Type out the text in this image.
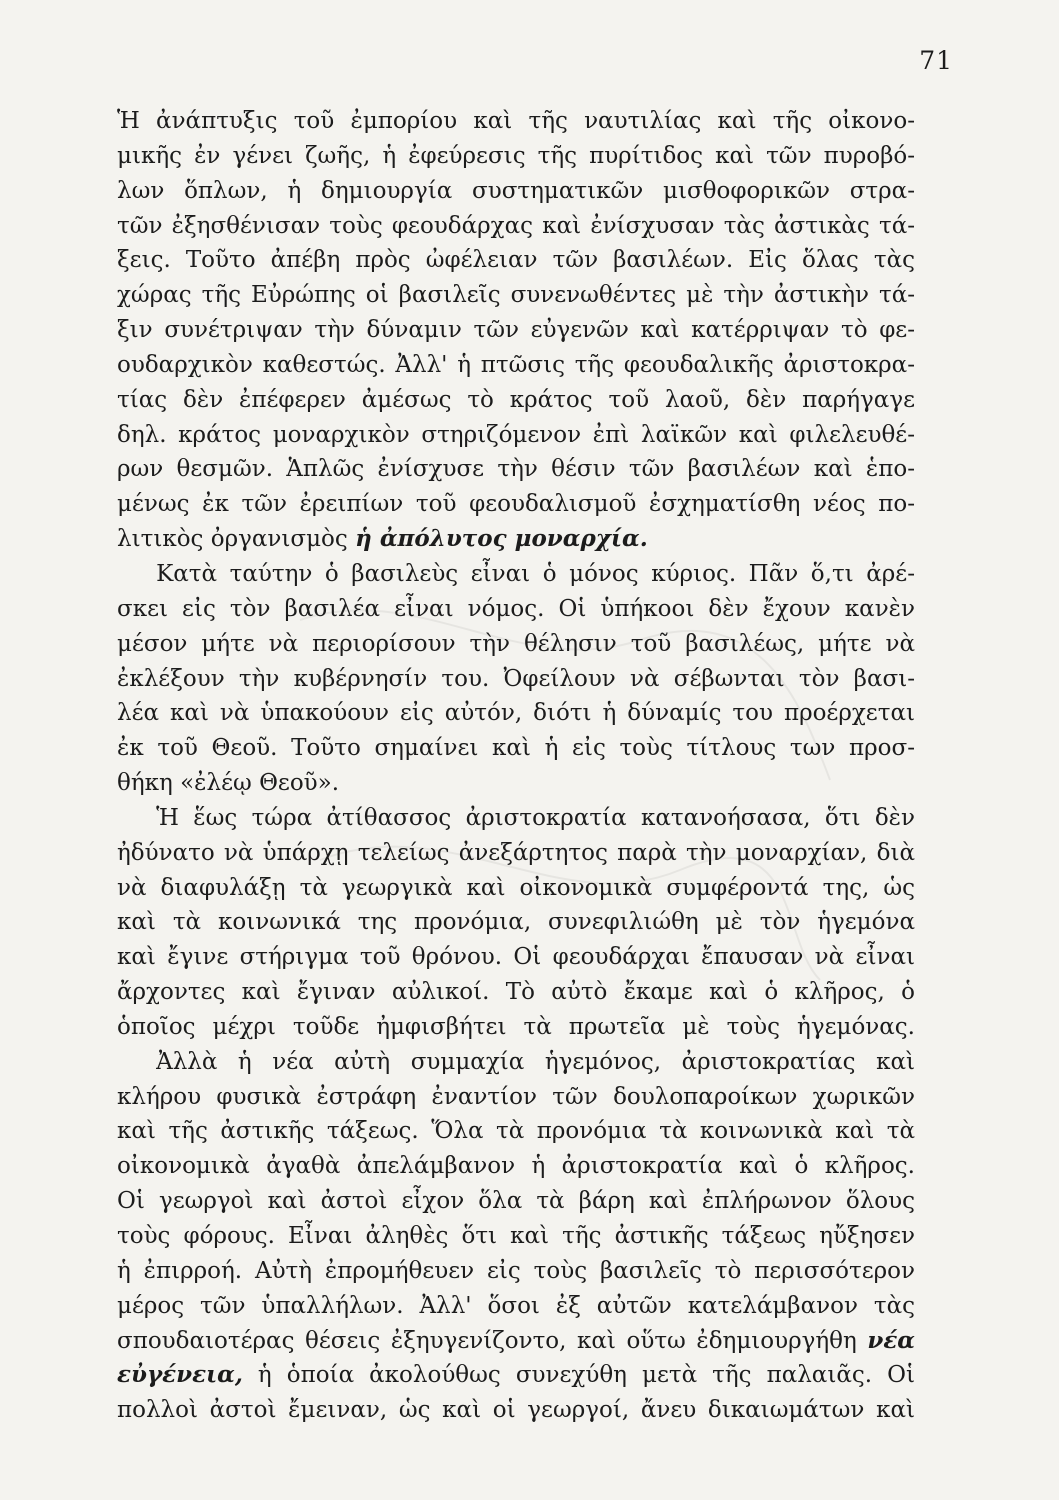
71
Ἡ ἀνάπτυξις τοῦ ἐμπορίου καὶ τῆς ναυτιλίας καὶ τῆς οἰκονο-
μικῆς ἐν γένει ζωῆς, ἡ ἐφεύρεσις τῆς πυρίτιδος καὶ τῶν πυροβό-
λων ὅπλων, ἡ δημιουργία συστηματικῶν μισθοφορικῶν στρα-
τῶν ἐξησθένισαν τοὺς φεουδάρχας καὶ ἐνίσχυσαν τὰς ἀστικὰς τά-
ξεις. Τοῦτο ἀπέβη πρὸς ὠφέλειαν τῶν βασιλέων. Εἰς ὅλας τὰς
χώρας τῆς Εὐρώπης οἱ βασιλεῖς συνενωθέντες μὲ τὴν ἀστικὴν τά-
ξιν συνέτριψαν τὴν δύναμιν τῶν εὐγενῶν καὶ κατέρριψαν τὸ φε-
ουδαρχικὸν καθεστώς. Ἀλλ' ἡ πτῶσις τῆς φεουδαλικῆς ἀριστοκρα-
τίας δὲν ἐπέφερεν ἀμέσως τὸ κράτος τοῦ λαοῦ, δὲν παρήγαγε
δηλ. κράτος μοναρχικὸν στηριζόμενον ἐπὶ λαϊκῶν καὶ φιλελευθέ-
ρων θεσμῶν. Ἁπλῶς ἐνίσχυσε τὴν θέσιν τῶν βασιλέων καὶ ἑπο-
μένως ἐκ τῶν ἐρειπίων τοῦ φεουδαλισμοῦ ἐσχηματίσθη νέος πο-
λιτικὸς ὀργανισμὸς ἡ ἀπόλυτος μοναρχία.
Κατὰ ταύτην ὁ βασιλεὺς εἶναι ὁ μόνος κύριος. Πᾶν ὅ,τι ἀρέ-
σκει εἰς τὸν βασιλέα εἶναι νόμος. Οἱ ὑπήκοοι δὲν ἔχουν κανὲν
μέσον μήτε νὰ περιορίσουν τὴν θέλησιν τοῦ βασιλέως, μήτε νὰ
ἐκλέξουν τὴν κυβέρνησίν του. Ὀφείλουν νὰ σέβωνται τὸν βασι-
λέα καὶ νὰ ὑπακούουν εἰς αὐτόν, διότι ἡ δύναμίς του προέρχεται
ἐκ τοῦ Θεοῦ. Τοῦτο σημαίνει καὶ ἡ εἰς τοὺς τίτλους των προσ-
θήκη «ἐλέῳ Θεοῦ».
Ἡ ἕως τώρα ἀτίθασσος ἀριστοκρατία κατανοήσασα, ὅτι δὲν
ἠδύνατο νὰ ὑπάρχῃ τελείως ἀνεξάρτητος παρὰ τὴν μοναρχίαν, διὰ
νὰ διαφυλάξῃ τὰ γεωργικὰ καὶ οἰκονομικὰ συμφέροντά της, ὡς
καὶ τὰ κοινωνικά της προνόμια, συνεφιλιώθη μὲ τὸν ἡγεμόνα
καὶ ἔγινε στήριγμα τοῦ θρόνου. Οἱ φεουδάρχαι ἔπαυσαν νὰ εἶναι
ἄρχοντες καὶ ἔγιναν αὐλικοί. Τὸ αὐτὸ ἔκαμε καὶ ὁ κλῆρος, ὁ
ὁποῖος μέχρι τοῦδε ἠμφισβήτει τὰ πρωτεῖα μὲ τοὺς ἡγεμόνας.
Ἀλλὰ ἡ νέα αὐτὴ συμμαχία ἡγεμόνος, ἀριστοκρατίας καὶ
κλήρου φυσικὰ ἐστράφη ἐναντίον τῶν δουλοπαροίκων χωρικῶν
καὶ τῆς ἀστικῆς τάξεως. Ὅλα τὰ προνόμια τὰ κοινωνικὰ καὶ τὰ
οἰκονομικὰ ἀγαθὰ ἀπελάμβανον ἡ ἀριστοκρατία καὶ ὁ κλῆρος.
Οἱ γεωργοὶ καὶ ἀστοὶ εἶχον ὅλα τὰ βάρη καὶ ἐπλήρωνον ὅλους
τοὺς φόρους. Εἶναι ἀληθὲς ὅτι καὶ τῆς ἀστικῆς τάξεως ηὔξησεν
ἡ ἐπιρροή. Αὐτὴ ἐπρομήθευεν εἰς τοὺς βασιλεῖς τὸ περισσότερον
μέρος τῶν ὑπαλλήλων. Ἀλλ' ὅσοι ἐξ αὐτῶν κατελάμβανον τὰς
σπουδαιοτέρας θέσεις ἐξηυγενίζοντο, καὶ οὕτω ἐδημιουργήθη νέα
εὐγένεια, ἡ ὁποία ἀκολούθως συνεχύθη μετὰ τῆς παλαιᾶς. Οἱ
πολλοὶ ἀστοὶ ἔμειναν, ὡς καὶ οἱ γεωργοί, ἄνευ δικαιωμάτων καὶ
